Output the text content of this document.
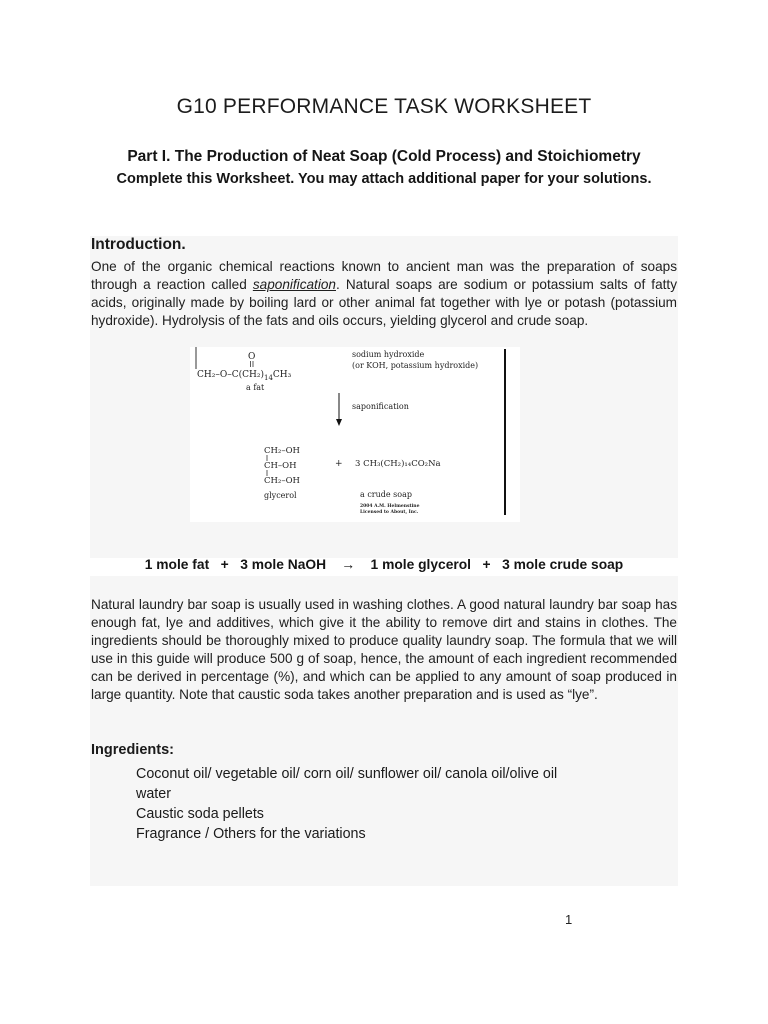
G10 PERFORMANCE TASK WORKSHEET
Part I. The Production of Neat Soap (Cold Process) and Stoichiometry
Complete this Worksheet. You may attach additional paper for your solutions.
Introduction.
One of the organic chemical reactions known to ancient man was the preparation of soaps through a reaction called saponification. Natural soaps are sodium or potassium salts of fatty acids, originally made by boiling lard or other animal fat together with lye or potash (potassium hydroxide). Hydrolysis of the fats and oils occurs, yielding glycerol and crude soap.
O
CH₂–$O-C(CH_2)_{14}CH_3$
a fat
sodium hydroxide
(or KOH, potassium hydroxide)
saponification
CH₂–OH
CH–OH
CH₂–OH
+ 3 CH₃(CH₂)₁₄CO₂Na
glycerol	a crude soap
2004 A.M. Helmenstine
Licensed to About, Inc.
1 mole fat   +   3 mole NaOH    →    1 mole glycerol   +   3 mole crude soap
Natural laundry bar soap is usually used in washing clothes. A good natural laundry bar soap has enough fat, lye and additives, which give it the ability to remove dirt and stains in clothes. The ingredients should be thoroughly mixed to produce quality laundry soap. The formula that we will use in this guide will produce 500 g of soap, hence, the amount of each ingredient recommended can be derived in percentage (%), and which can be applied to any amount of soap produced in large quantity. Note that caustic soda takes another preparation and is used as “lye”.
Ingredients:
Coconut oil/ vegetable oil/ corn oil/ sunflower oil/ canola oil/olive oil
water
Caustic soda pellets
Fragrance / Others for the variations
1
